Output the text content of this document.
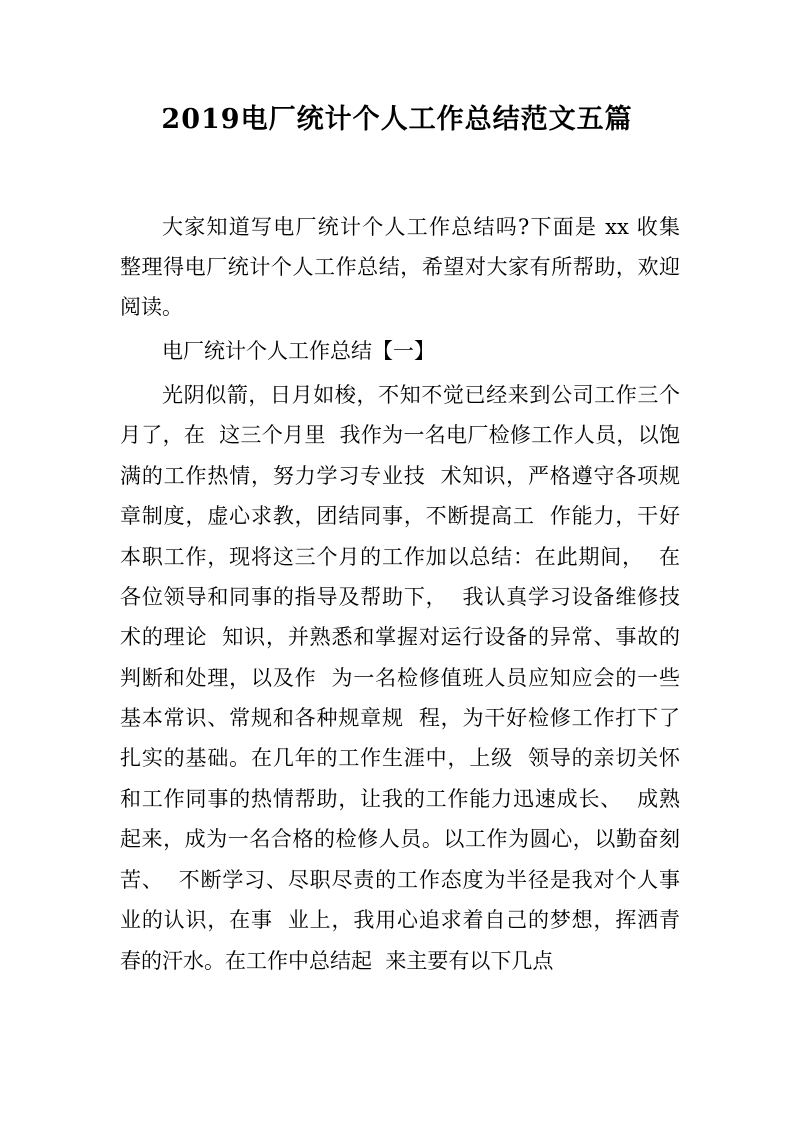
2019电厂统计个人工作总结范文五篇
大家知道写电厂统计个人工作总结吗?下面是 xx 收集
整理得电厂统计个人工作总结，希望对大家有所帮助，欢迎
阅读。
电厂统计个人工作总结【一】
光阴似箭，日月如梭，不知不觉已经来到公司工作三个
月了，在  这三个月里  我作为一名电厂检修工作人员，以饱
满的工作热情，努力学习专业技  术知识，严格遵守各项规
章制度，虚心求教，团结同事，不断提高工  作能力，干好
本职工作，现将这三个月的工作加以总结：在此期间，  在
各位领导和同事的指导及帮助下，  我认真学习设备维修技
术的理论  知识，并熟悉和掌握对运行设备的异常、事故的
判断和处理，以及作  为一名检修值班人员应知应会的一些
基本常识、常规和各种规章规  程，为干好检修工作打下了
扎实的基础。在几年的工作生涯中，上级  领导的亲切关怀
和工作同事的热情帮助，让我的工作能力迅速成长、  成熟
起来，成为一名合格的检修人员。以工作为圆心，以勤奋刻
苦、  不断学习、尽职尽责的工作态度为半径是我对个人事
业的认识，在事  业上，我用心追求着自己的梦想，挥洒青
春的汗水。在工作中总结起  来主要有以下几点
